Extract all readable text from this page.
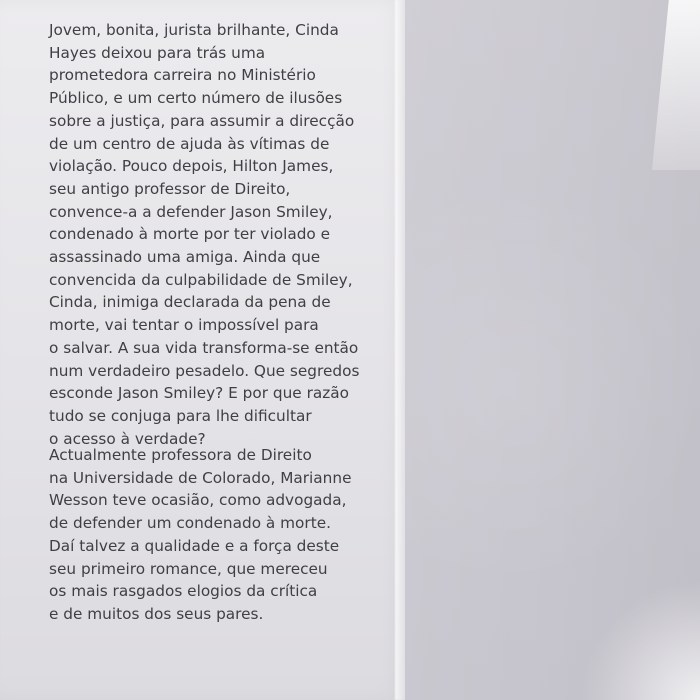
Jovem, bonita, jurista brilhante, Cinda
Hayes deixou para trás uma
prometedora carreira no Ministério
Público, e um certo número de ilusões
sobre a justiça, para assumir a direcção
de um centro de ajuda às vítimas de
violação. Pouco depois, Hilton James,
seu antigo professor de Direito,
convence-a a defender Jason Smiley,
condenado à morte por ter violado e
assassinado uma amiga. Ainda que
convencida da culpabilidade de Smiley,
Cinda, inimiga declarada da pena de
morte, vai tentar o impossível para
o salvar. A sua vida transforma-se então
num verdadeiro pesadelo. Que segredos
esconde Jason Smiley? E por que razão
tudo se conjuga para lhe dificultar
o acesso à verdade?
Actualmente professora de Direito
na Universidade de Colorado, Marianne
Wesson teve ocasião, como advogada,
de defender um condenado à morte.
Daí talvez a qualidade e a força deste
seu primeiro romance, que mereceu
os mais rasgados elogios da crítica
e de muitos dos seus pares.
